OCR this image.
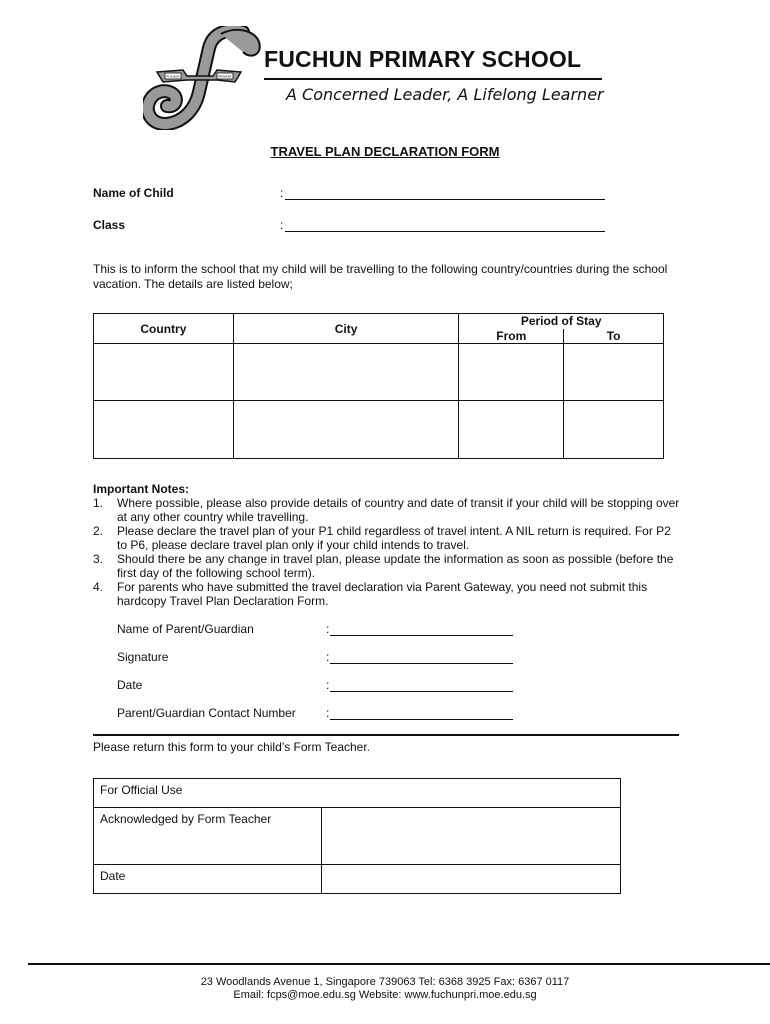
FUCHUN	PRIMARY
FUCHUN PRIMARY SCHOOL
A Concerned Leader, A Lifelong Learner
TRAVEL PLAN DECLARATION FORM
Name of Child	:
Class	:
This is to inform the school that my child will be travelling to the following country/countries during the school vacation. The details are listed below;
Country	City	Period of Stay	
		From	To

Important Notes:
1. Where possible, please also provide details of country and date of transit if your child will be stopping over at any other country while travelling.
2. Please declare the travel plan of your P1 child regardless of travel intent. A NIL return is required. For P2 to P6, please declare travel plan only if your child intends to travel.
3. Should there be any change in travel plan, please update the information as soon as possible (before the first day of the following school term).
4. For parents who have submitted the travel declaration via Parent Gateway, you need not submit this hardcopy Travel Plan Declaration Form.
Name of Parent/Guardian	:
Signature	:
Date	:
Parent/Guardian Contact Number	:
Please return this form to your child’s Form Teacher.
For Official Use	
Acknowledged by Form Teacher	
Date	
23 Woodlands Avenue 1, Singapore 739063 Tel: 6368 3925 Fax: 6367 0117
Email: fcps@moe.edu.sg Website: www.fuchunpri.moe.edu.sg
